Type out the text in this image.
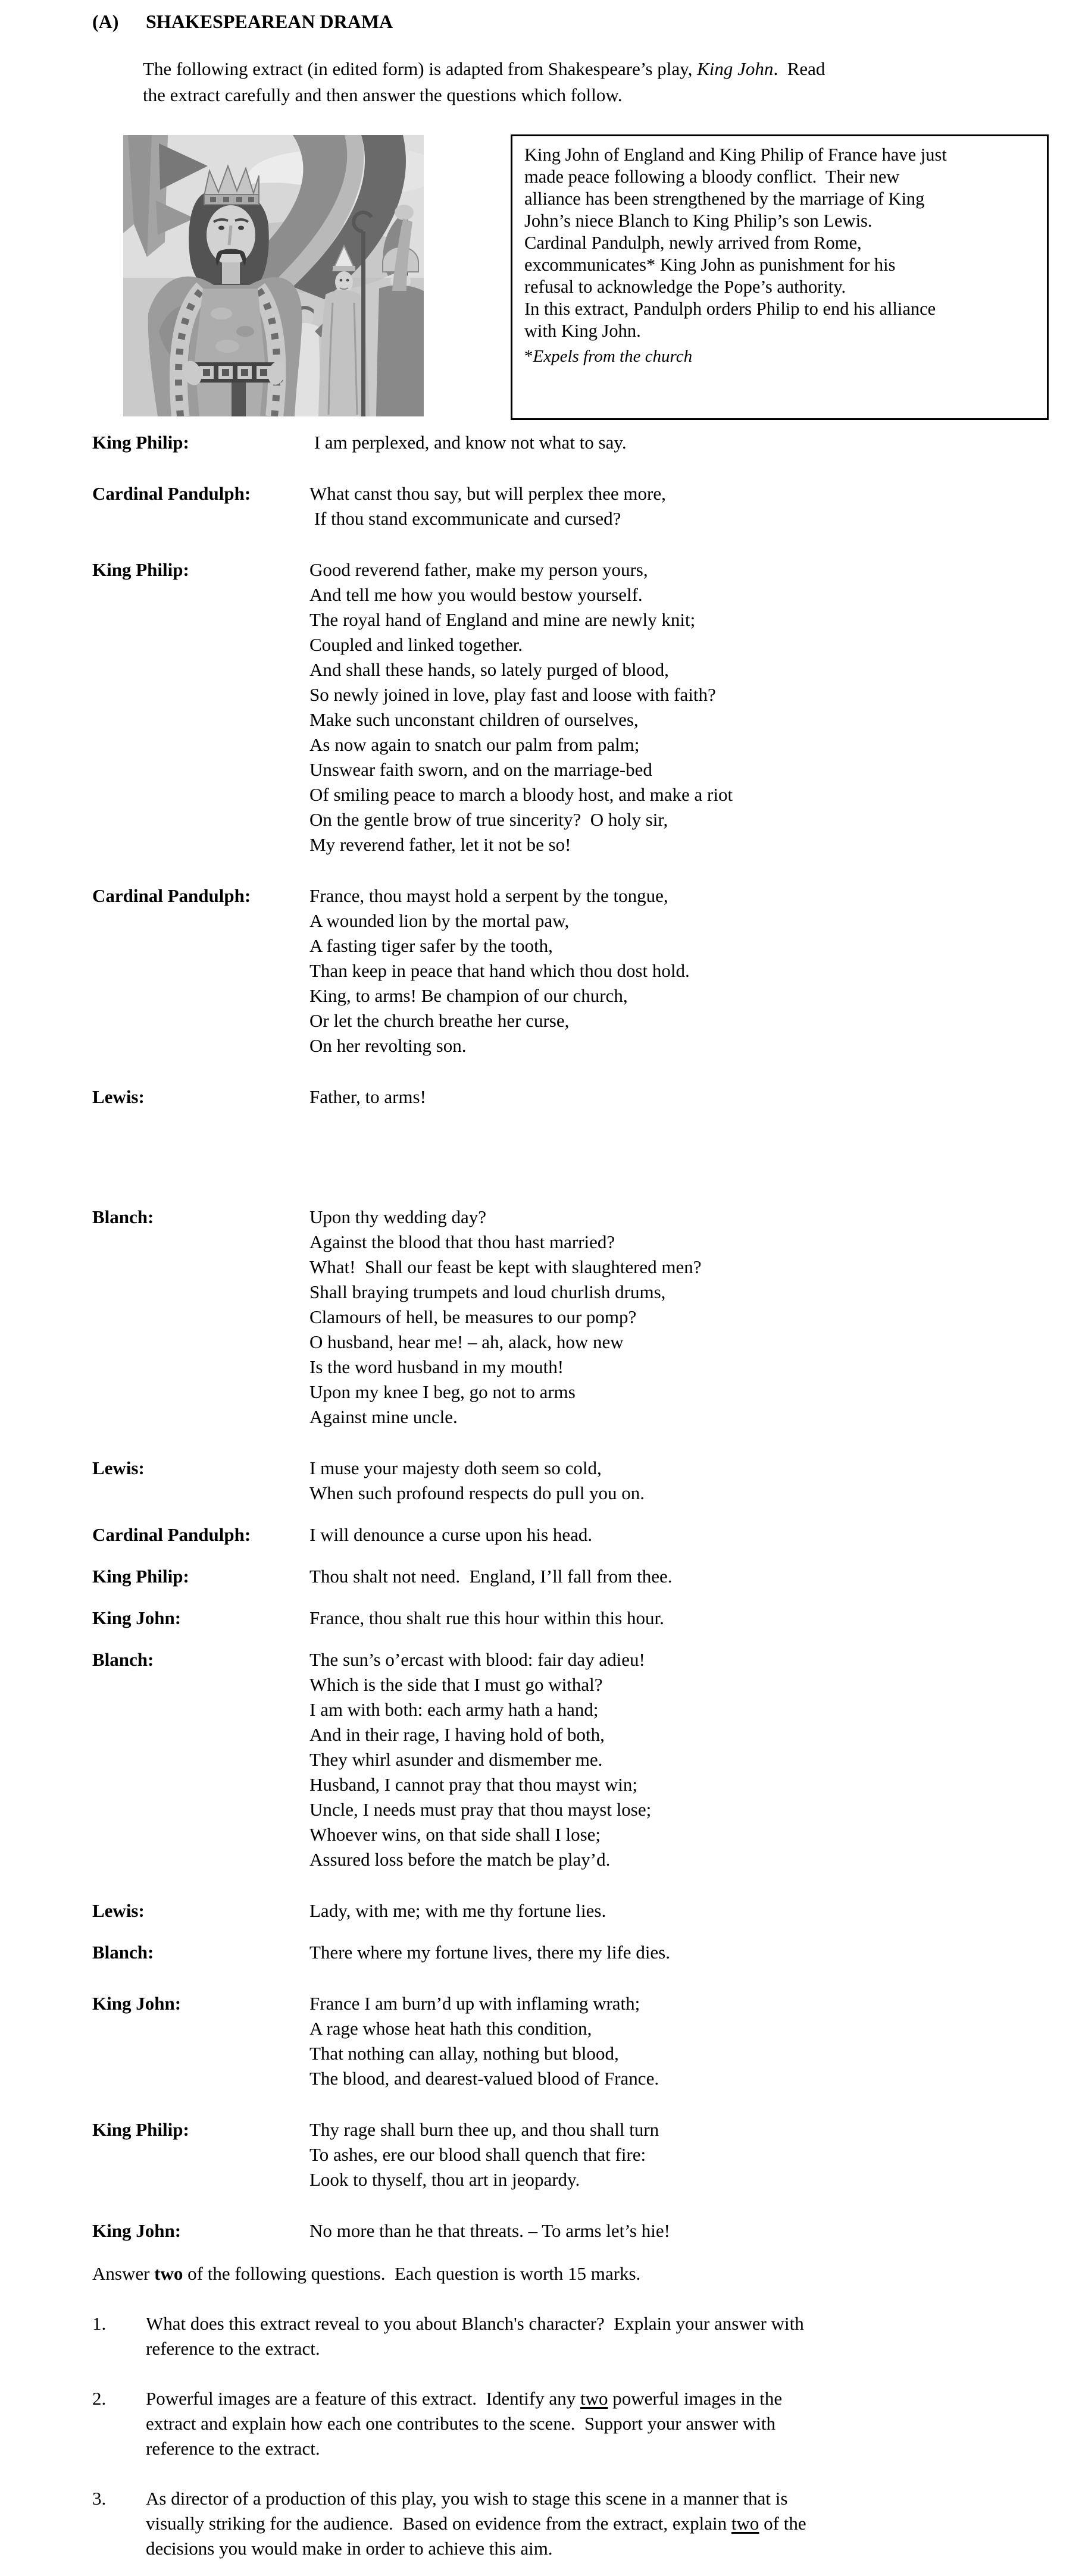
(A)	SHAKESPEAREAN DRAMA
The following extract (in edited form) is adapted from Shakespeare’s play, King John.  Read
the extract carefully and then answer the questions which follow.
King John of England and King Philip of France have just
made peace following a bloody conflict.  Their new
alliance has been strengthened by the marriage of King
John’s niece Blanch to King Philip’s son Lewis.
Cardinal Pandulph, newly arrived from Rome,
excommunicates* King John as punishment for his
refusal to acknowledge the Pope’s authority.
In this extract, Pandulph orders Philip to end his alliance
with King John.
*Expels from the church
King Philip:	I am perplexed, and know not what to say.
Cardinal Pandulph:	What canst thou say, but will perplex thee more,
If thou stand excommunicate and cursed?
King Philip:	Good reverend father, make my person yours,
And tell me how you would bestow yourself.
The royal hand of England and mine are newly knit;
Coupled and linked together.
And shall these hands, so lately purged of blood,
So newly joined in love, play fast and loose with faith?
Make such unconstant children of ourselves,
As now again to snatch our palm from palm;
Unswear faith sworn, and on the marriage-bed
Of smiling peace to march a bloody host, and make a riot
On the gentle brow of true sincerity?  O holy sir,
My reverend father, let it not be so!
Cardinal Pandulph:	France, thou mayst hold a serpent by the tongue,
A wounded lion by the mortal paw,
A fasting tiger safer by the tooth,
Than keep in peace that hand which thou dost hold.
King, to arms! Be champion of our church,
Or let the church breathe her curse,
On her revolting son.
Lewis:	Father, to arms!
Blanch:	Upon thy wedding day?
Against the blood that thou hast married?
What!  Shall our feast be kept with slaughtered men?
Shall braying trumpets and loud churlish drums,
Clamours of hell, be measures to our pomp?
O husband, hear me! – ah, alack, how new
Is the word husband in my mouth!
Upon my knee I beg, go not to arms
Against mine uncle.
Lewis:	I muse your majesty doth seem so cold,
When such profound respects do pull you on.
Cardinal Pandulph:	I will denounce a curse upon his head.
King Philip:	Thou shalt not need.  England, I’ll fall from thee.
King John:	France, thou shalt rue this hour within this hour.
Blanch:	The sun’s o’ercast with blood: fair day adieu!
Which is the side that I must go withal?
I am with both: each army hath a hand;
And in their rage, I having hold of both,
They whirl asunder and dismember me.
Husband, I cannot pray that thou mayst win;
Uncle, I needs must pray that thou mayst lose;
Whoever wins, on that side shall I lose;
Assured loss before the match be play’d.
Lewis:	Lady, with me; with me thy fortune lies.
Blanch:	There where my fortune lives, there my life dies.
King John:	France I am burn’d up with inflaming wrath;
A rage whose heat hath this condition,
That nothing can allay, nothing but blood,
The blood, and dearest-valued blood of France.
King Philip:	Thy rage shall burn thee up, and thou shall turn
To ashes, ere our blood shall quench that fire:
Look to thyself, thou art in jeopardy.
King John:	No more than he that threats. – To arms let’s hie!
Answer two of the following questions.  Each question is worth 15 marks.
1.	What does this extract reveal to you about Blanch's character?  Explain your answer with
reference to the extract.
2.	Powerful images are a feature of this extract.  Identify any two powerful images in the
extract and explain how each one contributes to the scene.  Support your answer with
reference to the extract.
3.	As director of a production of this play, you wish to stage this scene in a manner that is
visually striking for the audience.  Based on evidence from the extract, explain two of the
decisions you would make in order to achieve this aim.
